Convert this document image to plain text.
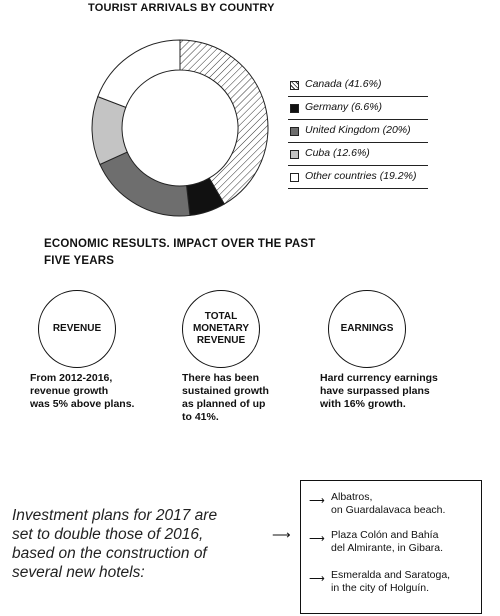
TOURIST ARRIVALS BY COUNTRY
Canada (41.6%)
Germany (6.6%)
United Kingdom (20%)
Cuba (12.6%)
Other countries (19.2%)
ECONOMIC RESULTS. IMPACT OVER THE PAST
FIVE YEARS
REVENUE
TOTAL
MONETARY
REVENUE
EARNINGS
From 2012-2016,
revenue growth
was 5% above plans.
There has been
sustained growth
as planned of up
to 41%.
Hard currency earnings
have surpassed plans
with 16% growth.
Investment plans for 2017 are
set to double those of 2016,
based on the construction of
several new hotels:
⟶
⟶ Albatros,
on Guardalavaca beach.
⟶ Plaza Colón and Bahía
del Almirante, in Gibara.
⟶ Esmeralda and Saratoga,
in the city of Holguín.
